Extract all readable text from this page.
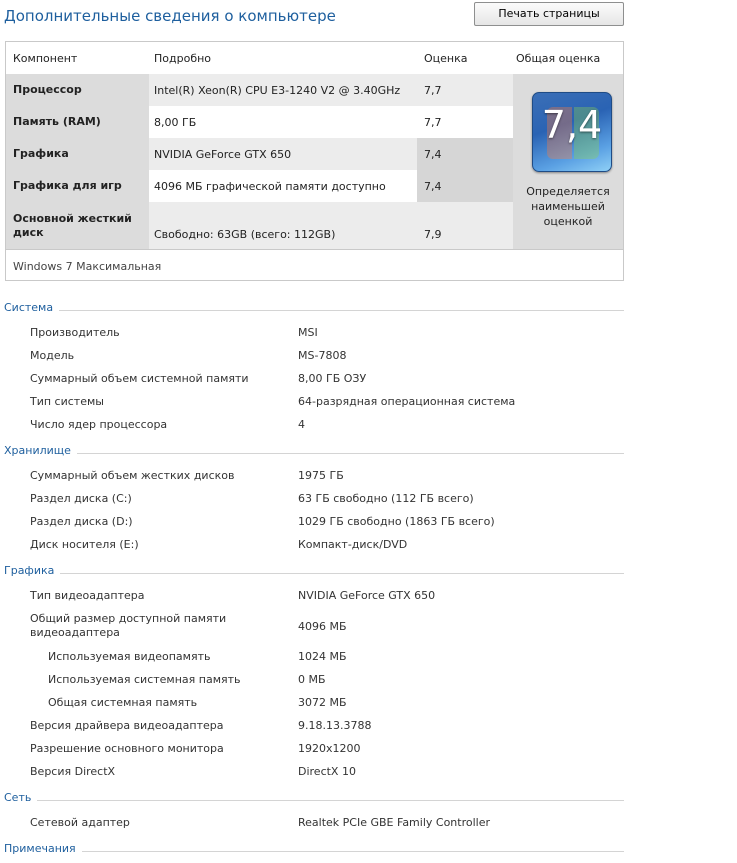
Дополнительные сведения о компьютере	Печать страницы
Компонент	Подробно	Оценка	Общая оценка
Процессор	Intel(R) Xeon(R) CPU E3-1240 V2 @ 3.40GHz	7,7
Память (RAM)	8,00 ГБ	7,7
Графика	NVIDIA GeForce GTX 650	7,4
Графика для игр	4096 МБ графической памяти доступно	7,4
Основной жесткий диск	Свободно: 63GB (всего: 112GB)	7,9
7,4
Определяется наименьшей оценкой
Windows 7 Максимальная
Система
Производитель	MSI
Модель	MS-7808
Суммарный объем системной памяти	8,00 ГБ ОЗУ
Тип системы	64-разрядная операционная система
Число ядер процессора	4
Хранилище
Суммарный объем жестких дисков	1975 ГБ
Раздел диска (C:)	63 ГБ свободно (112 ГБ всего)
Раздел диска (D:)	1029 ГБ свободно (1863 ГБ всего)
Диск носителя (E:)	Компакт-диск/DVD
Графика
Тип видеоадаптера	NVIDIA GeForce GTX 650
Общий размер доступной памяти видеоадаптера	4096 МБ
Используемая видеопамять	1024 МБ
Используемая системная память	0 МБ
Общая системная память	3072 МБ
Версия драйвера видеоадаптера	9.18.13.3788
Разрешение основного монитора	1920x1200
Версия DirectX	DirectX 10
Сеть
Сетевой адаптер	Realtek PCIe GBE Family Controller
Примечания
